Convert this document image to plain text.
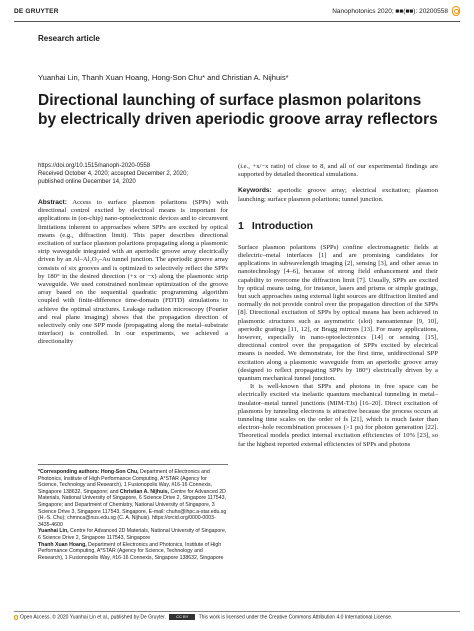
DE GRUYTER	Nanophotonics 2020; ■■(■■): 20200558
Research article
Yuanhai Lin, Thanh Xuan Hoang, Hong-Son Chu* and Christian A. Nijhuis*
Directional launching of surface plasmon polaritons by electrically driven aperiodic groove array reflectors
https://doi.org/10.1515/nanoph-2020-0558
Received October 4, 2020; accepted December 2, 2020;
published online December 14, 2020

Abstract: Access to surface plasmon polaritons (SPPs) with directional control excited by electrical means is important for applications in (on-chip) nano-optoelectronic devices and to circumvent limitations inherent to approaches where SPPs are excited by optical means (e.g., diffraction limit). This paper describes directional excitation of surface plasmon polaritons propagating along a plasmonic strip waveguide integrated with an aperiodic groove array electrically driven by an Al–Al₂O₃–Au tunnel junction. The aperiodic groove array consists of six grooves and is optimized to selectively reflect the SPPs by 180° in the desired direction (+x or −x) along the plasmonic strip waveguide. We used constrained nonlinear optimization of the groove array based on the sequential quadratic programming algorithm coupled with finite-difference time-domain (FDTD) simulations to achieve the optimal structures. Leakage radiation microscopy (Fourier and real plane imaging) shows that the propagation direction of selectively only one SPP mode (propagating along the metal–substrate interface) is controlled. In our experiments, we achieved a directionality

(i.e., +x/−x ratio) of close to 8, and all of our experimental findings are supported by detailed theoretical simulations.

Keywords: aperiodic groove array; electrical excitation; plasmon launching; surface plasmon polaritons; tunnel junction.

1 Introduction

Surface plasmon polaritons (SPPs) confine electromagnetic fields at dielectric–metal interfaces [1] and are promising candidates for applications in subwavelength imaging [2], sensing [3], and other areas in nanotechnology [4–6], because of strong field enhancement and their capability to overcome the diffraction limit [7]. Usually, SPPs are excited by optical means using, for instance, lasers and prisms or simple gratings, but such approaches using external light sources are diffraction limited and normally do not provide control over the propagation direction of the SPPs [8]. Directional excitation of SPPs by optical means has been achieved in plasmonic structures such as asymmetric (slot) nanoantennae [9, 10], aperiodic gratings [11, 12], or Bragg mirrors [13]. For many applications, however, especially in nano-optoelectronics [14] or sensing [15], directional control over the propagation of SPPs excited by electrical means is needed. We demonstrate, for the first time, unidirectional SPP excitation along a plasmonic waveguide from an aperiodic groove array (designed to reflect propagating SPPs by 180°) electrically driven by a quantum mechanical tunnel junction.

It is well-known that SPPs and photons in free space can be electrically excited via inelastic quantum mechanical tunneling in metal–insulator–metal tunnel junctions (MIM-TJs) [16–20]. Direct excitation of plasmons by tunneling electrons is attractive because the process occurs at tunneling time scales on the order of fs [21], which is much faster than electron–hole recombination processes (>1 ps) for photon generation [22]. Theoretical models predict internal excitation efficiencies of 10% [23], so far the highest reported external efficiencies of SPPs and photons

*Corresponding authors: Hong-Son Chu, Department of Electronics and Photonics, Institute of High Performance Computing, A*STAR (Agency for Science, Technology and Research), 1 Fusionopolis Way, #16-16 Connexis, Singapore 138632, Singapore; and Christian A. Nijhuis, Centre for Advanced 2D Materials, National University of Singapore, 6 Science Drive 2, Singapore 117543, Singapore; and Department of Chemistry, National University of Singapore, 3 Science Drive 3, Singapore 117543, Singapore, E-mail: chuhs@ihpc.a-star.edu.sg (H.-S. Chu); chmnca@nus.edu.sg (C. A. Nijhuis). https://orcid.org/0000-0003-3435-4600

Yuanhai Lin, Centre for Advanced 2D Materials, National University of Singapore, 6 Science Drive 2, Singapore 117543, Singapore

Thanh Xuan Hoang, Department of Electronics and Photonics, Institute of High Performance Computing, A*STAR (Agency for Science, Technology and Research), 1 Fusionopolis Way, #16-16 Connexis, Singapore 138632, Singapore

Open Access. © 2020 Yuanhai Lin et al., published by De Gruyter.	CC BY This work is licensed under the Creative Commons Attribution 4.0 International License.
